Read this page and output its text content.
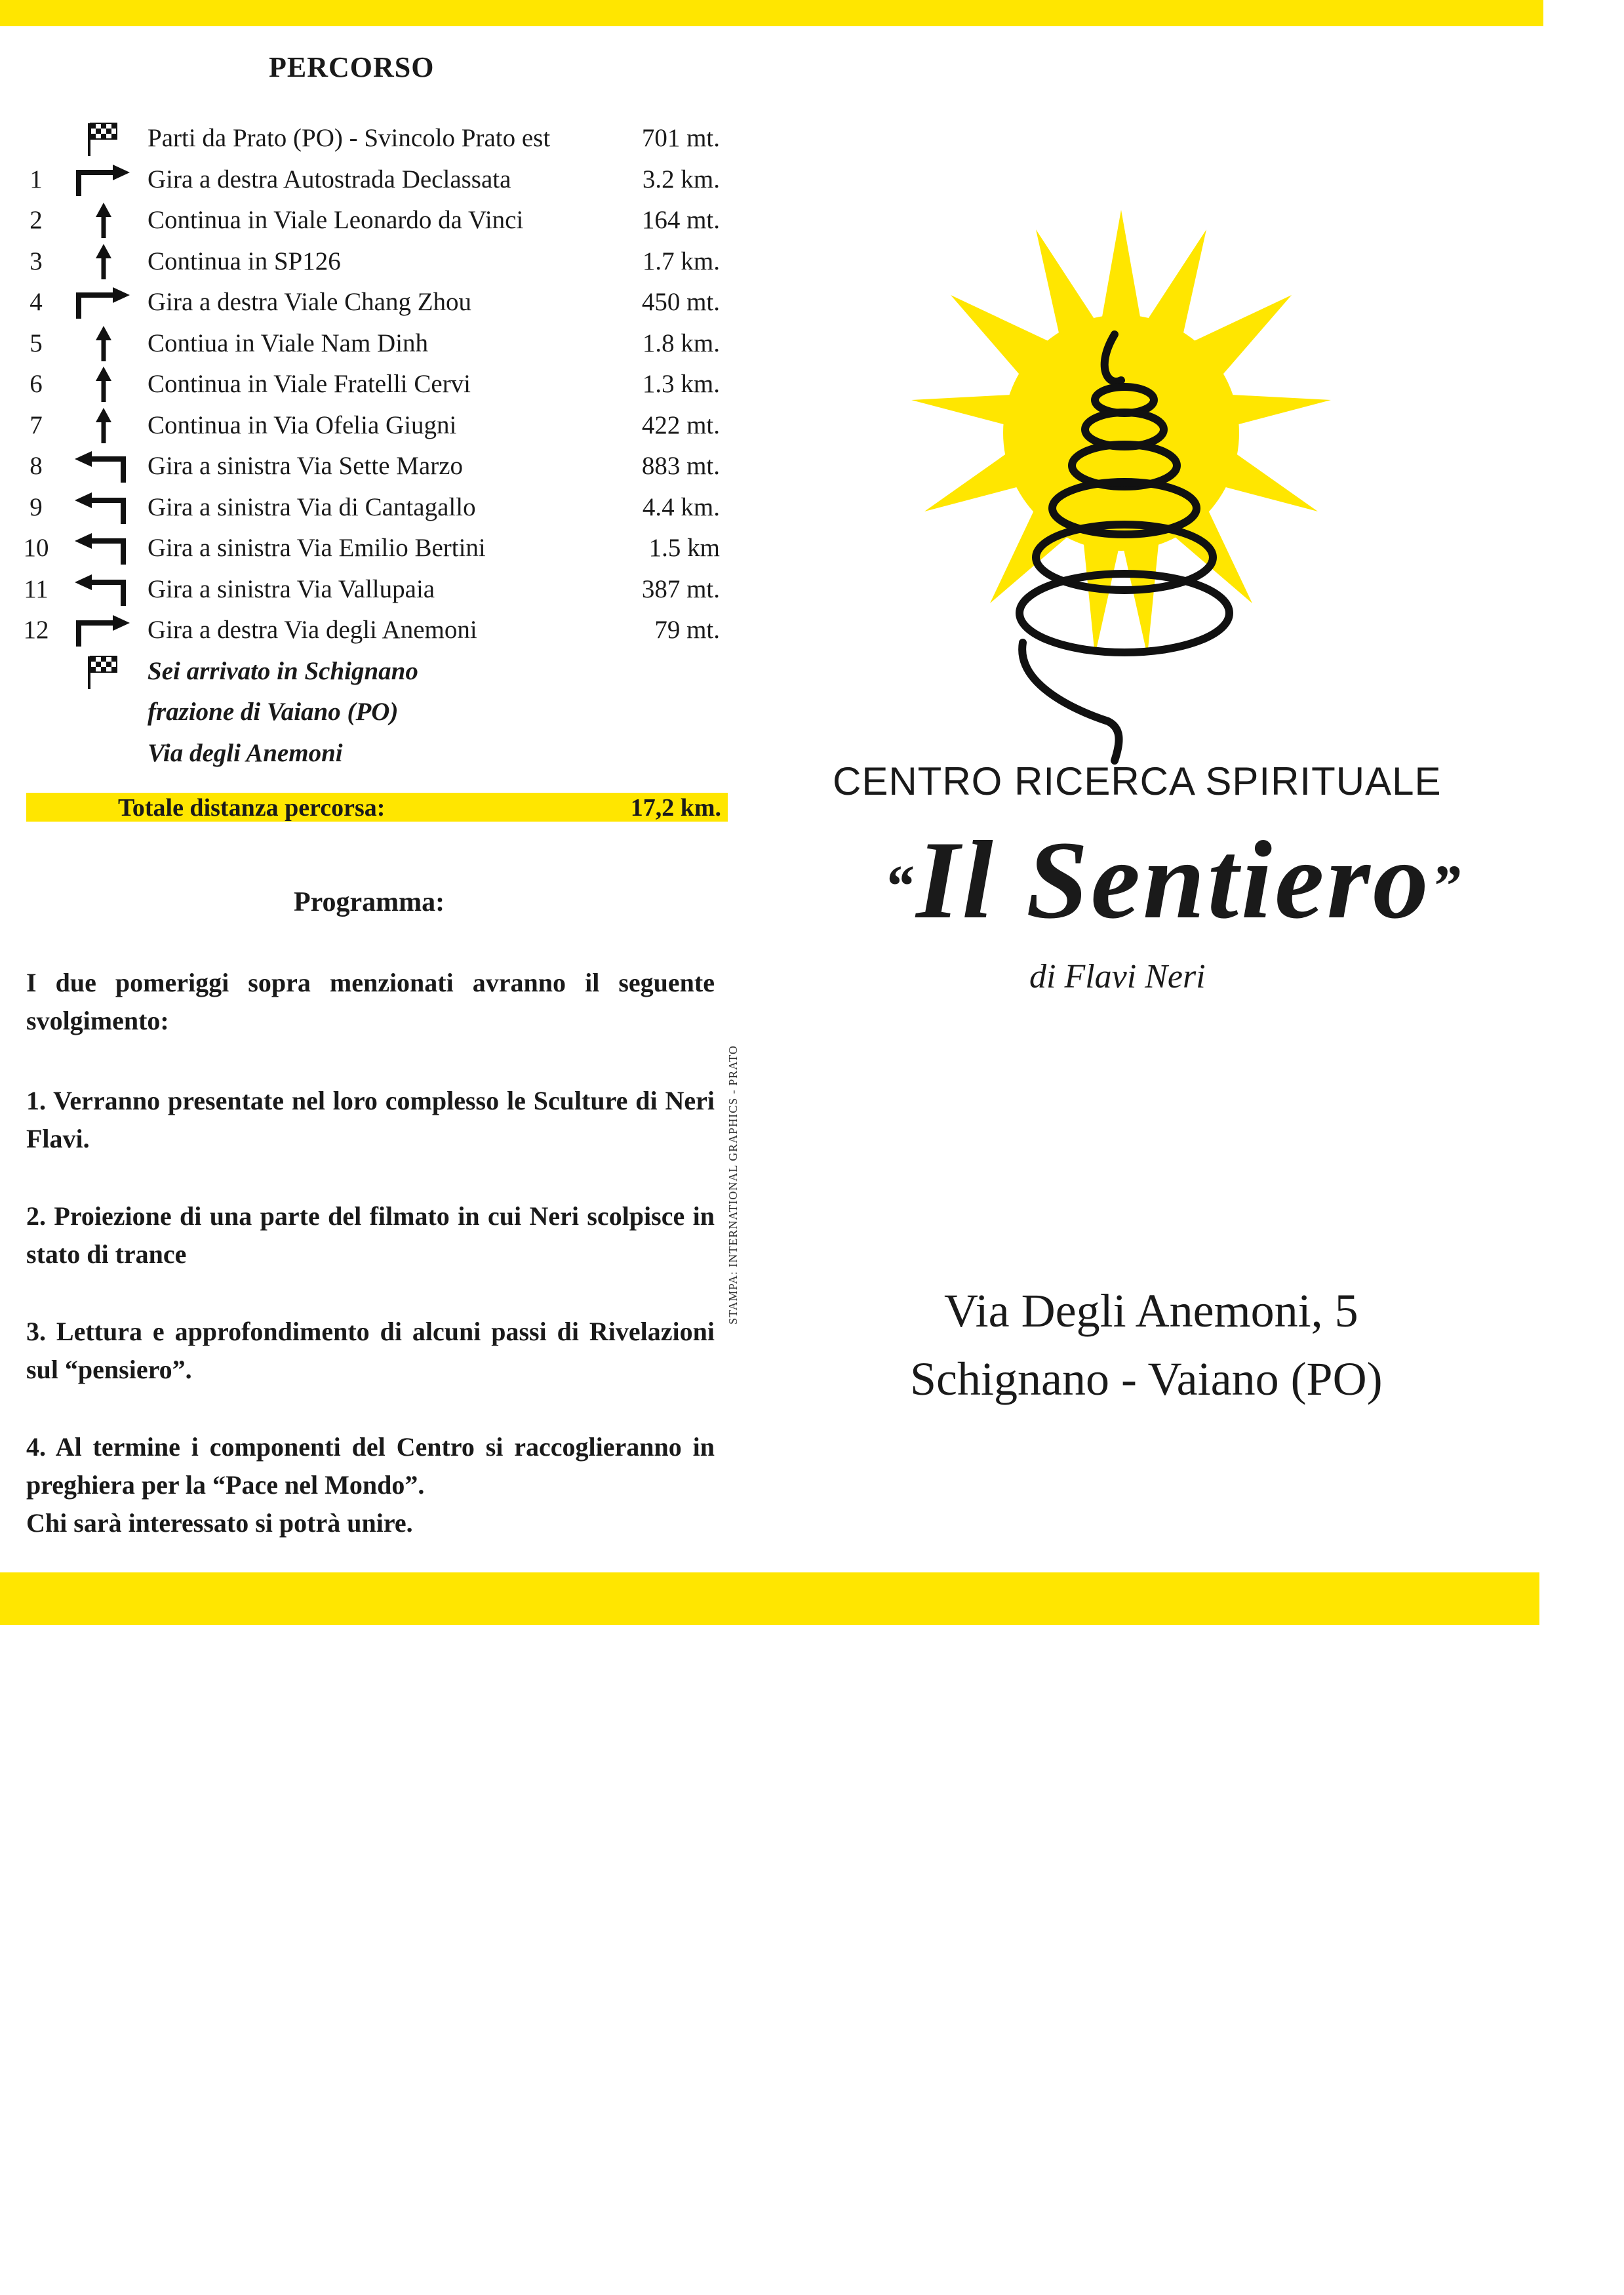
PERCORSO
Parti da Prato (PO) - Svincolo Prato est	701 mt.
1	Gira a destra Autostrada Declassata	3.2 km.
2	Continua in Viale Leonardo da Vinci	164 mt.
3	Continua in SP126	1.7 km.
4	Gira a destra Viale Chang Zhou	450 mt.
5	Contiua in Viale Nam Dinh	1.8 km.
6	Continua in Viale Fratelli Cervi	1.3 km.
7	Continua in Via Ofelia Giugni	422 mt.
8	Gira a sinistra Via Sette Marzo	883 mt.
9	Gira a sinistra Via di Cantagallo	4.4 km.
10	Gira a sinistra Via Emilio Bertini	1.5 km
11	Gira a sinistra Via Vallupaia	387 mt.
12	Gira a destra Via degli Anemoni	79 mt.
Sei arrivato in Schignano
frazione di Vaiano (PO)
Via degli Anemoni
Totale distanza percorsa:	17,2 km.
Programma:
I due pomeriggi sopra menzionati avranno il seguente svolgimento:
1. Verranno presentate nel loro complesso le Sculture di Neri Flavi.
2. Proiezione di una parte del filmato in cui Neri scolpisce in stato di trance
3. Lettura e approfondimento di alcuni passi di Rivelazioni sul “pensiero”.
4. Al termine i componenti del Centro si raccoglieranno in preghiera per la “Pace nel Mondo”.
Chi sarà interessato si potrà unire.
STAMPA: INTERNATIONAL GRAPHICS - PRATO
CENTRO RICERCA SPIRITUALE
“Il Sentiero”
di Flavi Neri
Via Degli Anemoni, 5
Schignano - Vaiano (PO)
